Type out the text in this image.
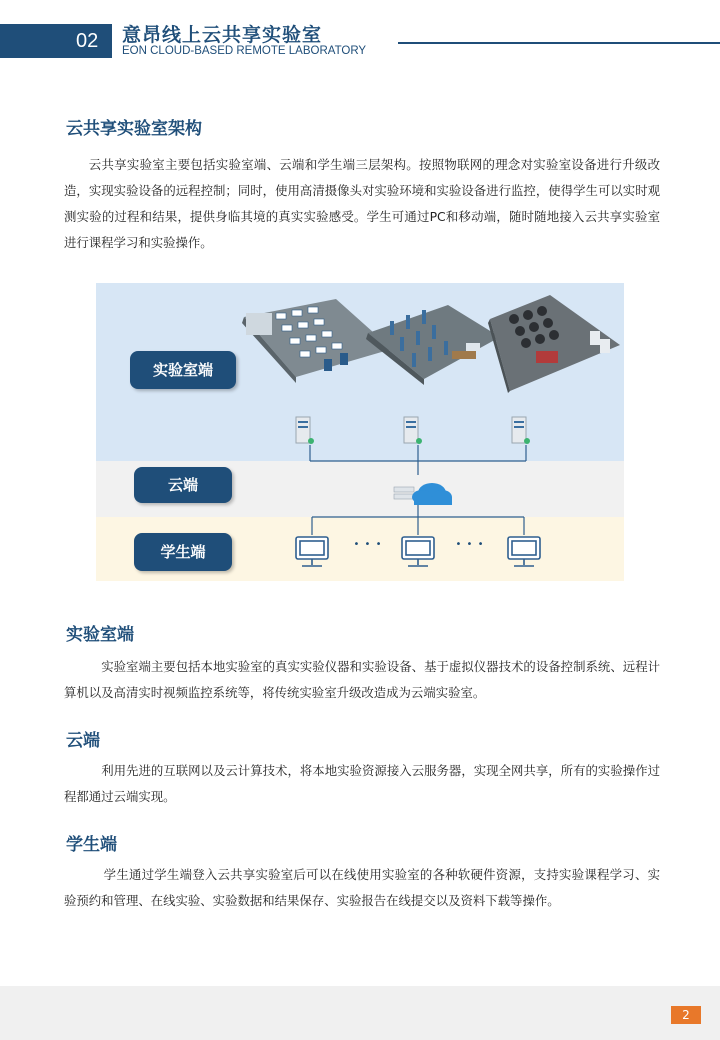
02	意昂线上云共享实验室
EON CLOUD-BASED REMOTE LABORATORY
云共享实验室架构

云共享实验室主要包括实验室端、云端和学生端三层架构。按照物联网的理念对实验室设备进行升级改造，实现实验设备的远程控制；同时，使用高清摄像头对实验环境和实验设备进行监控，使得学生可以实时观测实验的过程和结果，提供身临其境的真实实验感受。学生可通过PC和移动端，随时随地接入云共享实验室进行课程学习和实验操作。

实验室端
云端
学生端	• • •	• • •
实验室端

实验室端主要包括本地实验室的真实实验仪器和实验设备、基于虚拟仪器技术的设备控制系统、远程计算机以及高清实时视频监控系统等，将传统实验室升级改造成为云端实验室。

云端

利用先进的互联网以及云计算技术，将本地实验资源接入云服务器，实现全网共享，所有的实验操作过程都通过云端实现。

学生端

学生通过学生端登入云共享实验室后可以在线使用实验室的各种软硬件资源，支持实验课程学习、实验预约和管理、在线实验、实验数据和结果保存、实验报告在线提交以及资料下载等操作。

2
